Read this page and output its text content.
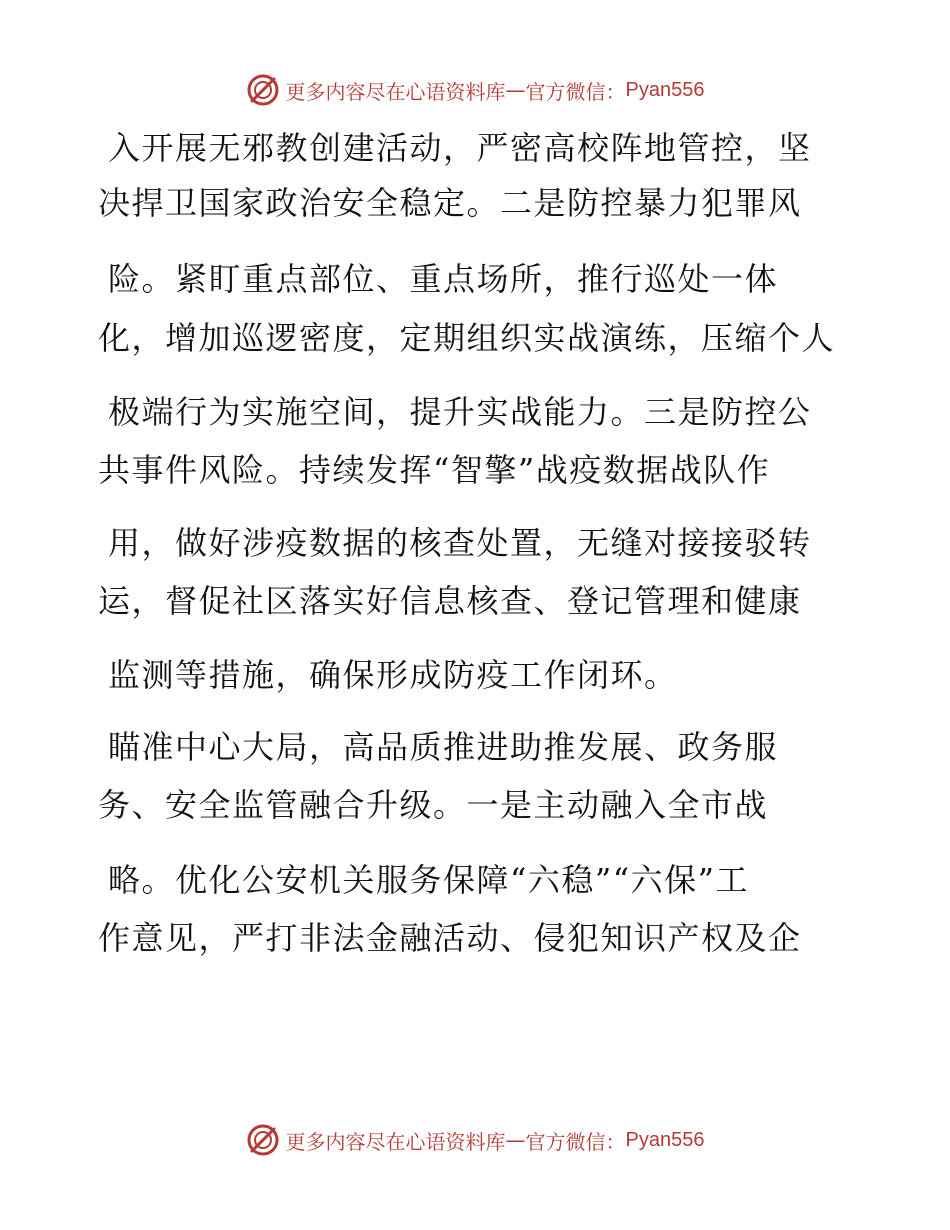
更多内容尽在心语资料库 — 官方微信： Pyan556
入开展无邪教创建活动，严密高校阵地管控，坚
决捍卫国家政治安全稳定。二是防控暴力犯罪风
险。紧盯重点部位、重点场所，推行巡处一体
化，增加巡逻密度，定期组织实战演练，压缩个人
极端行为实施空间，提升实战能力。三是防控公
共事件风险。持续发挥“智擎”战疫数据战队作
用，做好涉疫数据的核查处置，无缝对接接驳转
运，督促社区落实好信息核查、登记管理和健康
监测等措施，确保形成防疫工作闭环。
瞄准中心大局，高品质推进助推发展、政务服
务、安全监管融合升级。一是主动融入全市战
略。优化公安机关服务保障“六稳”“六保”工
作意见，严打非法金融活动、侵犯知识产权及企
更多内容尽在心语资料库 — 官方微信： Pyan556
